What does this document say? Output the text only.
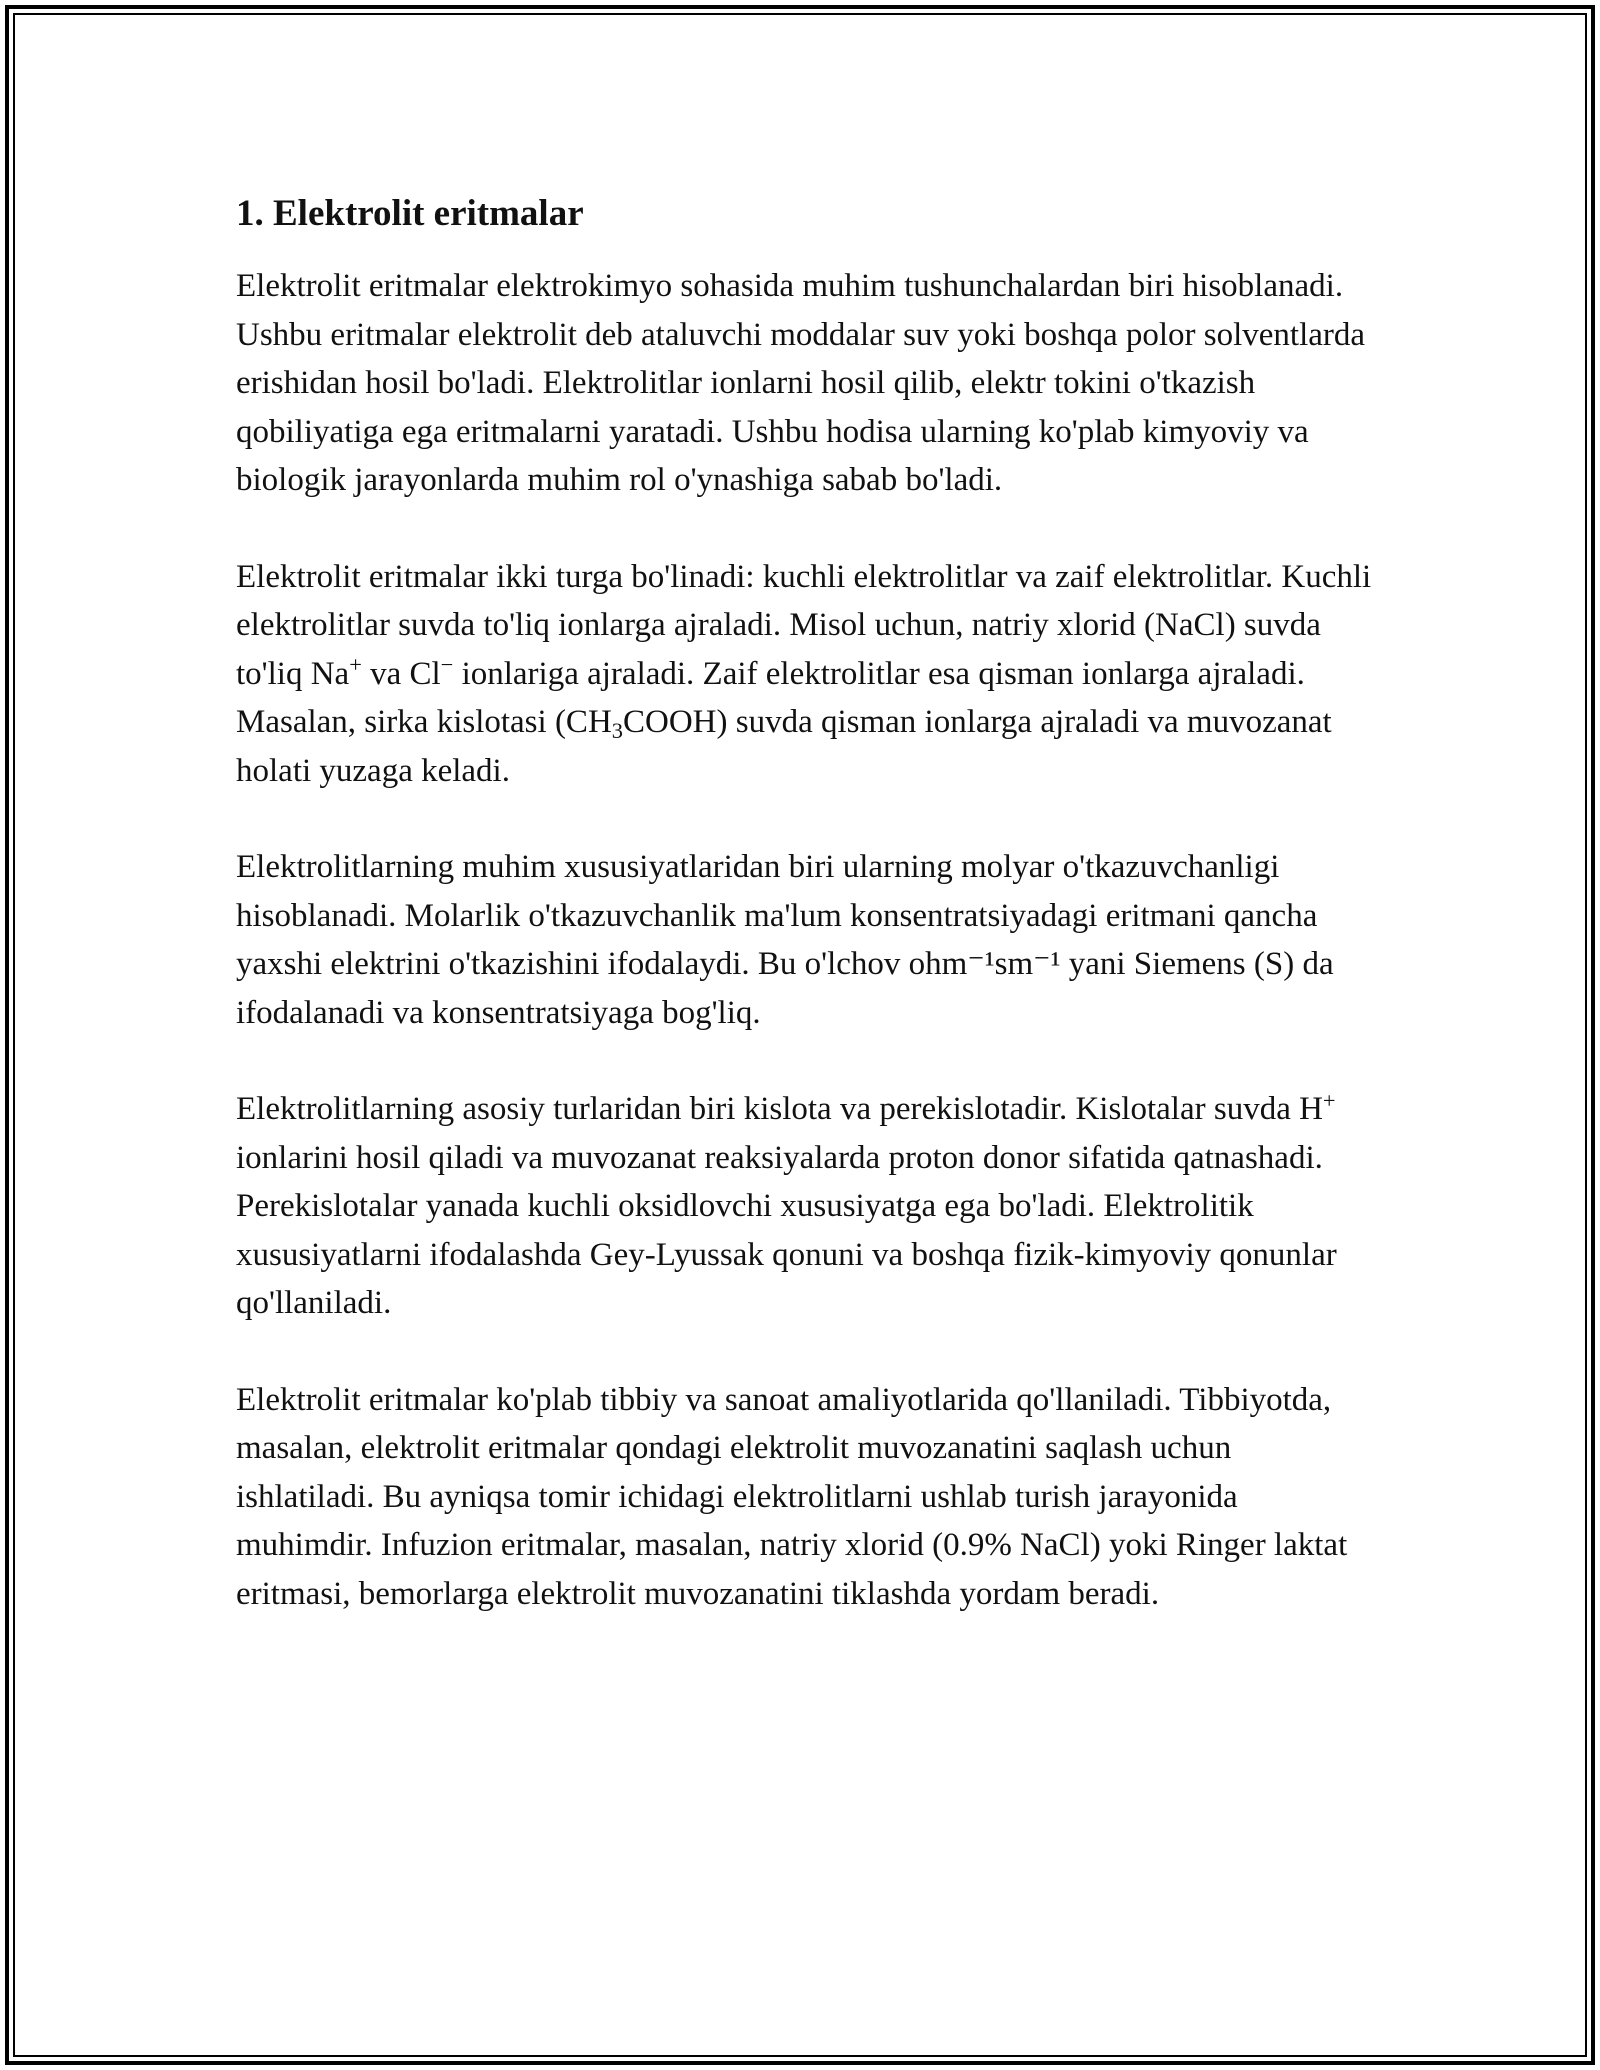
1. Elektrolit eritmalar

Elektrolit eritmalar elektrokimyo sohasida muhim tushunchalardan biri hisoblanadi. Ushbu eritmalar elektrolit deb ataluvchi moddalar suv yoki boshqa polor solventlarda erishidan hosil bo'ladi. Elektrolitlar ionlarni hosil qilib, elektr tokini o'tkazish qobiliyatiga ega eritmalarni yaratadi. Ushbu hodisa ularning ko'plab kimyoviy va biologik jarayonlarda muhim rol o'ynashiga sabab bo'ladi.

Elektrolit eritmalar ikki turga bo'linadi: kuchli elektrolitlar va zaif elektrolitlar. Kuchli elektrolitlar suvda to'liq ionlarga ajraladi. Misol uchun, natriy xlorid (NaCl) suvda to'liq Na+ va Cl− ionlariga ajraladi. Zaif elektrolitlar esa qisman ionlarga ajraladi. Masalan, sirka kislotasi $(CH_3COOH)$ suvda qisman ionlarga ajraladi va muvozanat holati yuzaga keladi.

Elektrolitlarning muhim xususiyatlaridan biri ularning molyar o'tkazuvchanligi hisoblanadi. Molarlik o'tkazuvchanlik ma'lum konsentratsiyadagi eritmani qancha yaxshi elektrini o'tkazishini ifodalaydi. Bu o'lchov ohm⁻¹sm⁻¹ yani Siemens (S) da ifodalanadi va konsentratsiyaga bog'liq.

Elektrolitlarning asosiy turlaridan biri kislota va perekislotadir. Kislotalar suvda H+ ionlarini hosil qiladi va muvozanat reaksiyalarda proton donor sifatida qatnashadi. Perekislotalar yanada kuchli oksidlovchi xususiyatga ega bo'ladi. Elektrolitik xususiyatlarni ifodalashda Gey-Lyussak qonuni va boshqa fizik-kimyoviy qonunlar qo'llaniladi.

Elektrolit eritmalar ko'plab tibbiy va sanoat amaliyotlarida qo'llaniladi. Tibbiyotda, masalan, elektrolit eritmalar qondagi elektrolit muvozanatini saqlash uchun ishlatiladi. Bu ayniqsa tomir ichidagi elektrolitlarni ushlab turish jarayonida muhimdir. Infuzion eritmalar, masalan, natriy xlorid (0.9% NaCl) yoki Ringer laktat eritmasi, bemorlarga elektrolit muvozanatini tiklashda yordam beradi.
